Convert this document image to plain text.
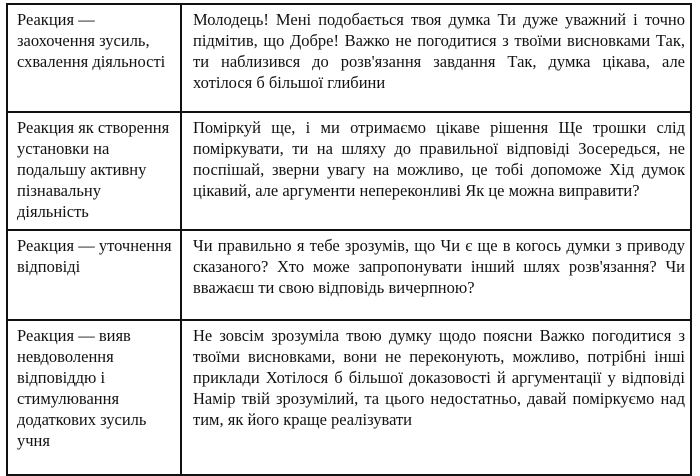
Реакция — заохочення зусиль, схвалення діяльності	Молодець! Мені подобається твоя думка Ти дуже уважний і точно підмітив, що Добре! Важко не погодитися з твоїми висновками Так, ти наблизився до розв'язання завдання Так, думка цікава, але хотілося б більшої глибини
Реакция як створення установки на подальшу активну пізнавальну діяльність	Поміркуй ще, і ми отримаємо цікаве рішення Ще трошки слід поміркувати, ти на шляху до правильної відповіді Зосередься, не поспішай, зверни увагу на можливо, це тобі допоможе Хід думок цікавий, але аргументи непереконливі Як це можна виправити?
Реакция — уточнення відповіді	Чи правильно я тебе зрозумів, що Чи є ще в когось думки з приводу сказаного? Хто може запропонувати інший шлях розв'язання? Чи вважаєш ти свою відповідь вичерпною?
Реакция — вияв невдоволення відповіддю і стимулювання додаткових зусиль учня	Не зовсім зрозуміла твою думку щодо поясни Важко погодитися з твоїми висновками, вони не переконують, можливо, потрібні інші приклади Хотілося б більшої доказовості й аргументації у відповіді Намір твій зрозумілий, та цього недостатньо, давай поміркуємо над тим, як його краще реалізувати
